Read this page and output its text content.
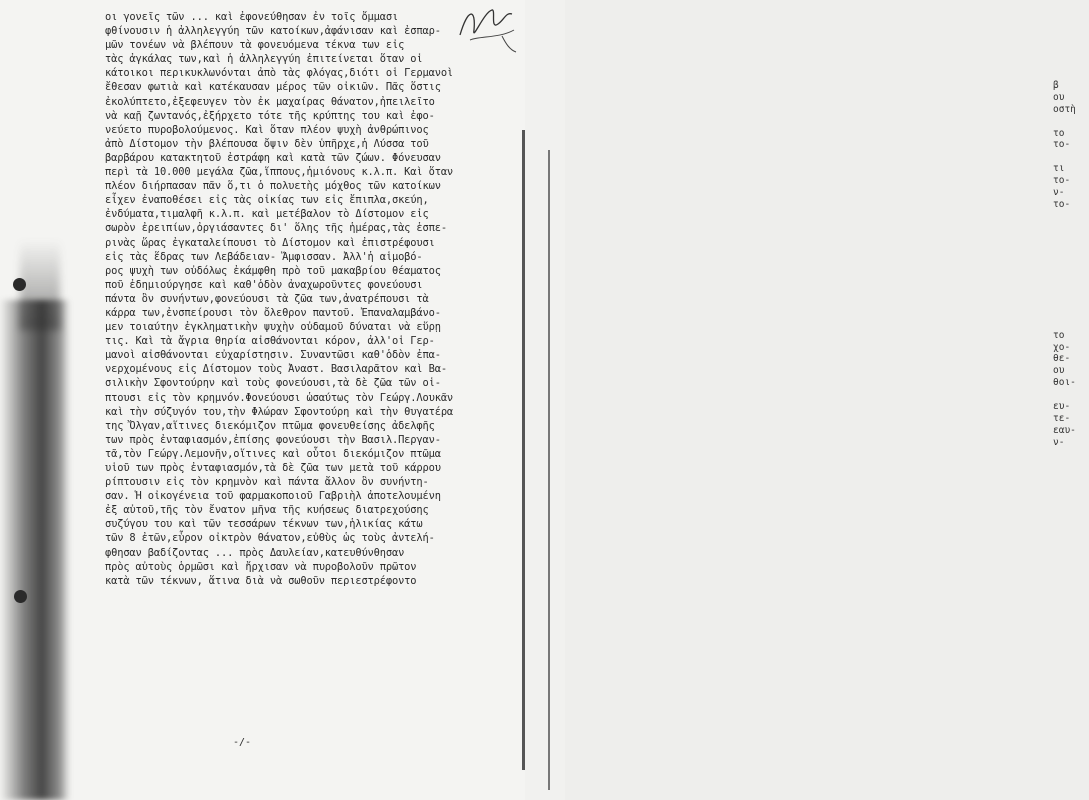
β
ου
οστὴ
το
το-
τι
το-
ν-
το-
το
χο-
θε-
ου
θοι-
ευ-
τε-
εαυ-
ν-
οι γονεῖς τῶν ... καὶ ἐφονεύθησαν ἐν τοῖς ὄμμασι
φθίνουσιν ἡ ἀλληλεγγύη τῶν κατοίκων,ἀφάνισαν καὶ ἐσπαρ-
μῶν τονέων νὰ βλέπουν τὰ φονευόμενα τέκνα των εἰς
τὰς ἀγκάλας των,καὶ ἡ ἀλληλεγγύη ἐπιτείνεται ὅταν οἱ
κάτοικοι περικυκλωνόνται ἀπὸ τὰς φλόγας,διότι οἱ Γερμανοὶ
ἔθεσαν φωτιὰ καὶ κατέκαυσαν μέρος τῶν οἰκιῶν. Πᾶς ὅστις
ἐκολύπτετο,ἐξεφευγεν τὸν ἐκ μαχαίρας θάνατον,ἠπειλεῖτο
νὰ καῇ ζωντανός,ἐξήρχετο τότε τῆς κρύπτης του καὶ ἐφο-
νεύετο πυροβολούμενος. Καὶ ὅταν πλέον ψυχὴ ἀνθρώπινος
ἀπὸ Δίστομον τὴν βλέπουσα ὄψιν δὲν ὑπῆρχε,ἡ Λύσσα τοῦ
βαρβάρου κατακτητοῦ ἐστράφη καὶ κατὰ τῶν ζώων. Φόνευσαν
περὶ τὰ 10.000 μεγάλα ζῶα,ἵππους,ἡμιόνους κ.λ.π. Καὶ ὅταν
πλέον διήρπασαν πᾶν ὅ,τι ὁ πολυετὴς μόχθος τῶν κατοίκων
εἶχεν ἐναποθέσει εἰς τὰς οἰκίας των εἰς ἔπιπλα,σκεύη,
ἐνδύματα,τιμαλφῆ κ.λ.π. καὶ μετέβαλον τὸ Δίστομον εἰς
σωρὸν ἐρειπίων,ὀργιάσαντες δι' ὅλης τῆς ἡμέρας,τὰς ἑσπε-
ρινὰς ὥρας ἐγκαταλείπουσι τὸ Δίστομον καὶ ἐπιστρέφουσι
εἰς τὰς ἕδρας των Λεβάδειαν- Ἄμφισσαν. Ἀλλ'ἡ αἱμοβό-
ρος ψυχὴ των οὐδόλως ἐκάμφθη πρὸ τοῦ μακαβρίου θέαματος
ποῦ ἐδημιούργησε καὶ καθ'ὁδὸν ἀναχωροῦντες φονεύουσι
πάντα ὃν συνήντων,φονεύουσι τὰ ζῶα των,ἀνατρέπουσι τὰ
κάρρα των,ἐνσπείρουσι τὸν ὄλεθρον παντοῦ. Ἐπαναλαμβάνο-
μεν τοιαύτην ἐγκληματικὴν ψυχὴν οὐδαμοῦ δύναται νὰ εὕρῃ
τις. Καὶ τὰ ἄγρια θηρία αἰσθάνονται κόρον, ἀλλ'οἱ Γερ-
μανοὶ αἰσθάνονται εὐχαρίστησιν. Συναντῶσι καθ'ὁδὸν ἐπα-
νερχομένους εἰς Δίστομον τοὺς Ἀναστ. Βασιλαρᾶτον καὶ Βα-
σιλικὴν Σφοντούρην καὶ τοὺς φονεύουσι,τὰ δὲ ζῶα τῶν οἱ-
πτουσι εἰς τὸν κρημνόν.Φονεύουσι ὡσαύτως τὸν Γεώργ.Λουκᾶν
καὶ τὴν σύζυγόν του,τὴν Φλώραν Σφοντούρη καὶ τὴν θυγατέρα
της Ὄλγαν,αἵτινες διεκόμιζον πτῶμα φονευθείσης ἀδελφῆς
των πρὸς ἐνταφιασμόν,ἐπίσης φονεύουσι τὴν Βασιλ.Περγαν-
τᾶ,τὸν Γεώργ.Λεμονῆν,οἵτινες καὶ οὗτοι διεκόμιζον πτῶμα
υἱοῦ των πρὸς ἐνταφιασμόν,τὰ δὲ ζῶα των μετὰ τοῦ κάρρου
ρίπτουσιν εἰς τὸν κρημνὸν καὶ πάντα ἄλλον ὃν συνήντη-
σαν. Ἡ οἰκογένεια τοῦ φαρμακοποιοῦ Γαβριὴλ ἀποτελουμένη
ἐξ αὐτοῦ,τῆς τὸν ἔνατον μῆνα τῆς κυήσεως διατρεχούσης
συζύγου του καὶ τῶν τεσσάρων τέκνων των,ἡλικίας κάτω
τῶν 8 ἐτῶν,εὗρον οἰκτρὸν θάνατον,εὐθὺς ὡς τοὺς ἀντελή-
φθησαν βαδίζοντας ... πρὸς Δαυλείαν,κατευθύνθησαν
πρὸς αὐτοὺς ὁρμῶσι καὶ ἤρχισαν νὰ πυροβολοῦν πρῶτον
κατὰ τῶν τέκνων, ἅτινα διὰ νὰ σωθοῦν περιεστρέφοντο
-/-
